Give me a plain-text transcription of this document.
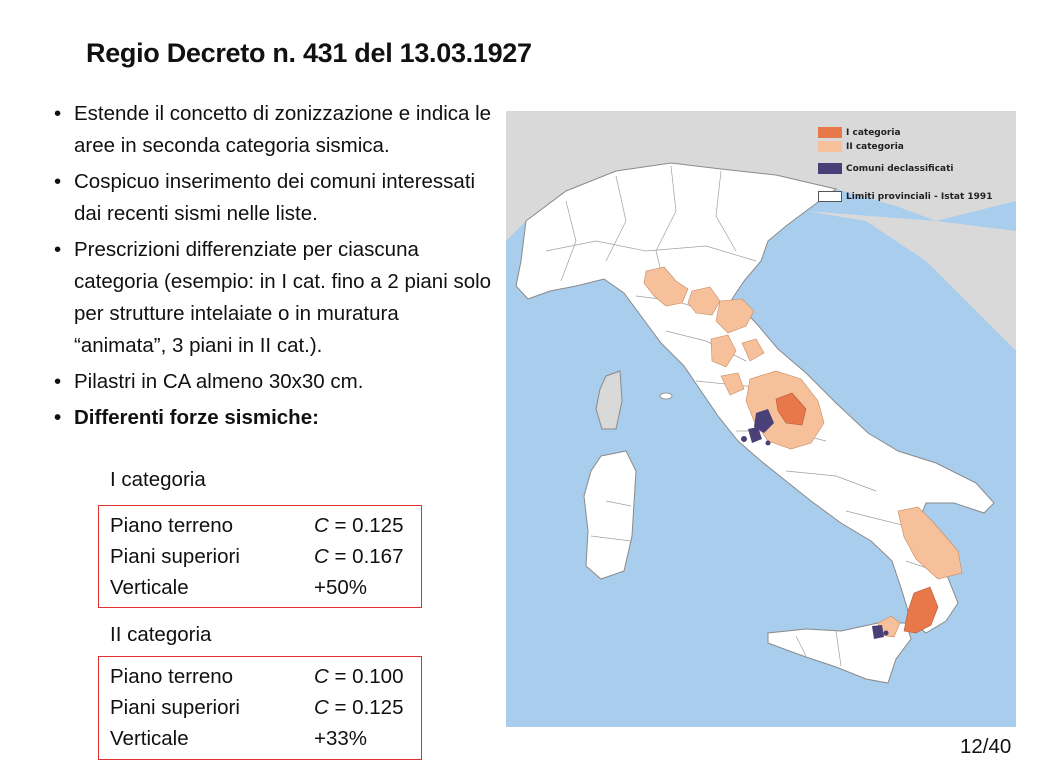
Regio Decreto n. 431 del 13.03.1927
• Estende il concetto di zonizzazione e indica le aree in seconda categoria sismica.
• Cospicuo inserimento dei comuni interessati dai recenti sismi nelle liste.
• Prescrizioni differenziate per ciascuna categoria (esempio: in I cat. fino a 2 piani solo per strutture intelaiate o in muratura “animata”, 3 piani in II cat.).
• Pilastri in CA almeno 30x30 cm.
• Differenti forze sismiche:
I categoria
Piano terreno	C = 0.125
Piani superiori	C = 0.167
Verticale	+50%
II categoria
Piano terreno	C = 0.100
Piani superiori	C = 0.125
Verticale	+33%
I categoria
II categoria
Comuni declassificati
Limiti provinciali - Istat 1991
12/40
